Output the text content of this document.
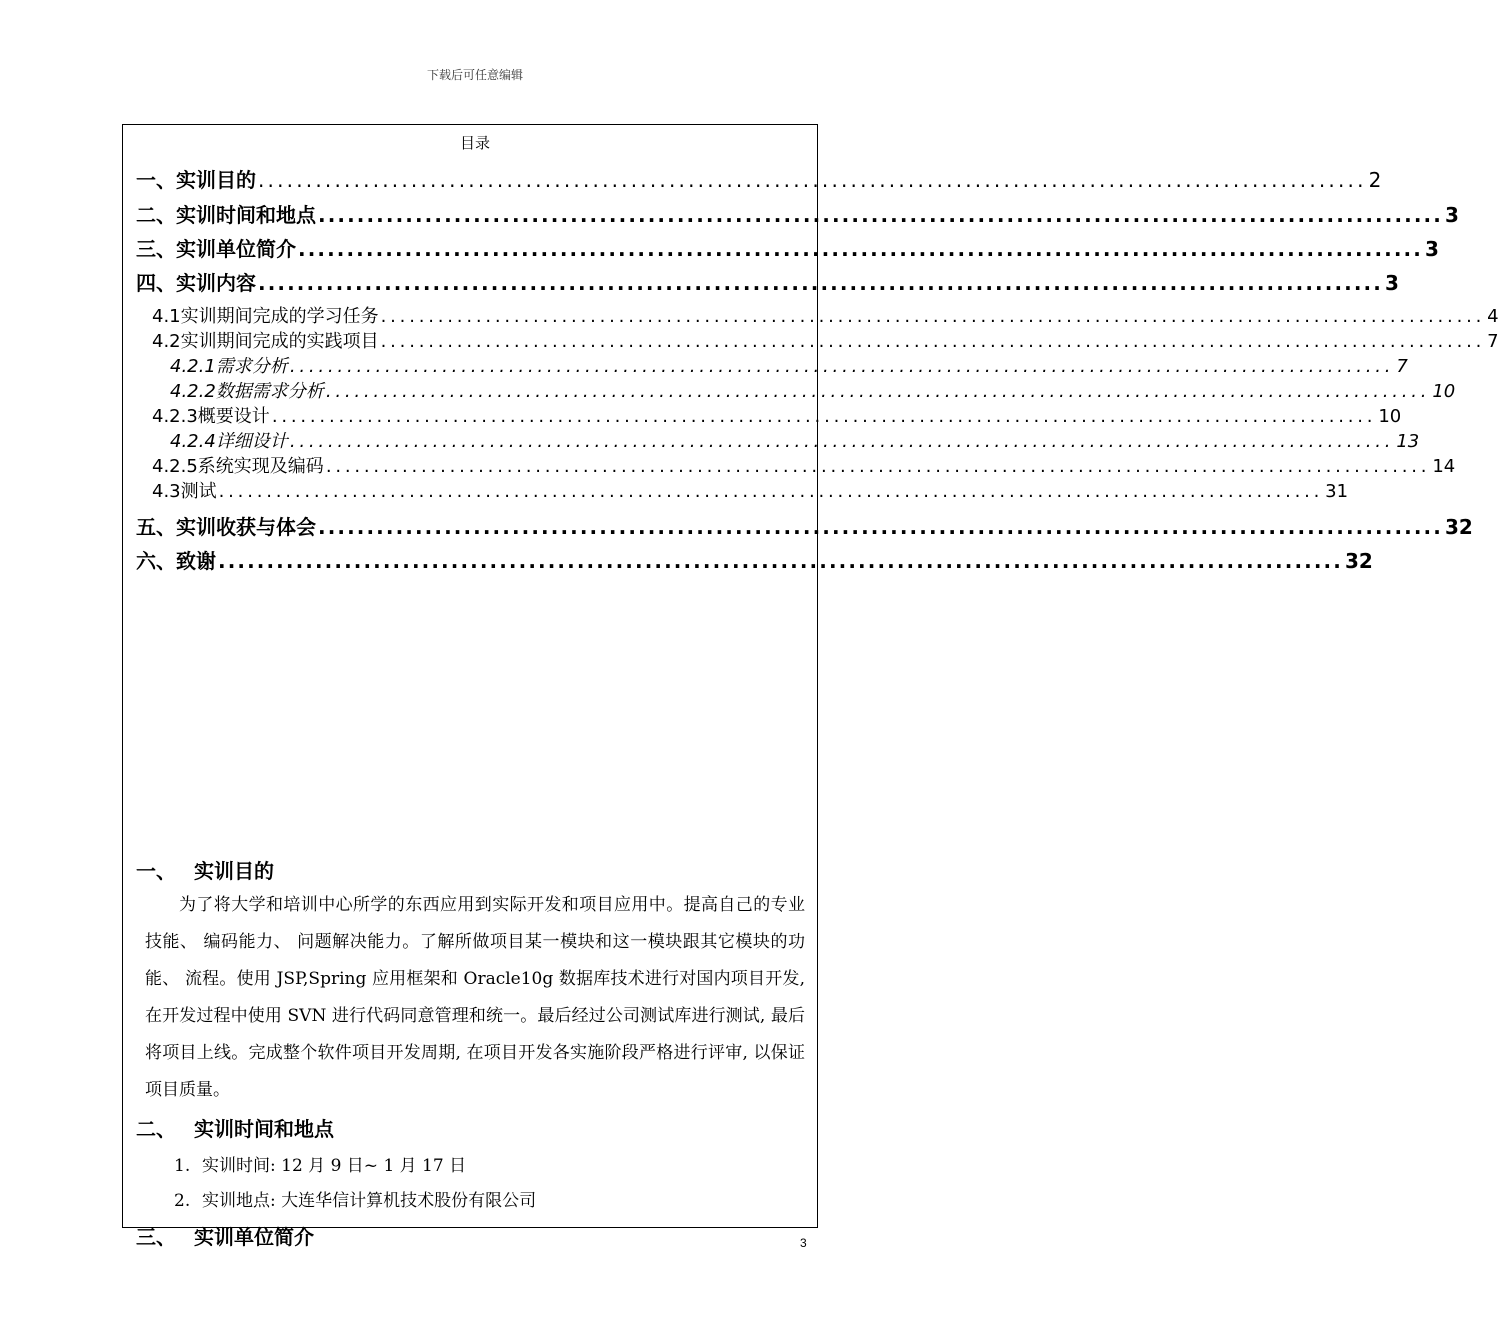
下载后可任意编辑
目录
一、 实训目的 .................................................................................................................... 2
二、 实训时间和地点 .................................................................................................................... 3
三、 实训单位简介 .................................................................................................................... 3
四、 实训内容 .................................................................................................................... 3
4.1实训期间完成的学习任务 .................................................................................................................... 4
4.2实训期间完成的实践项目 .................................................................................................................... 7
4.2.1需求分析 .................................................................................................................... 7
4.2.2数据需求分析 .................................................................................................................... 10
4.2.3概要设计 .................................................................................................................... 10
4.2.4详细设计 .................................................................................................................... 13
4.2.5系统实现及编码 .................................................................................................................... 14
4.3测试 .................................................................................................................... 31
五、 实训收获与体会 .................................................................................................................... 32
六、 致谢 .................................................................................................................... 32
一、 实训目的
为了将大学和培训中心所学的东西应用到实际开发和项目应用中。提高自己的专业技能、 编码能力、 问题解决能力。了解所做项目某一模块和这一模块跟其它模块的功能、 流程。使用 JSP,Spring 应用框架和 Oracle10g 数据库技术进行对国内项目开发, 在开发过程中使用 SVN 进行代码同意管理和统一。最后经过公司测试库进行测试, 最后将项目上线。完成整个软件项目开发周期, 在项目开发各实施阶段严格进行评审, 以保证项目质量。
二、 实训时间和地点
1. 实训时间: 12 月 9 日~ 1 月 17 日
2. 实训地点: 大连华信计算机技术股份有限公司
三、 实训单位简介	3
